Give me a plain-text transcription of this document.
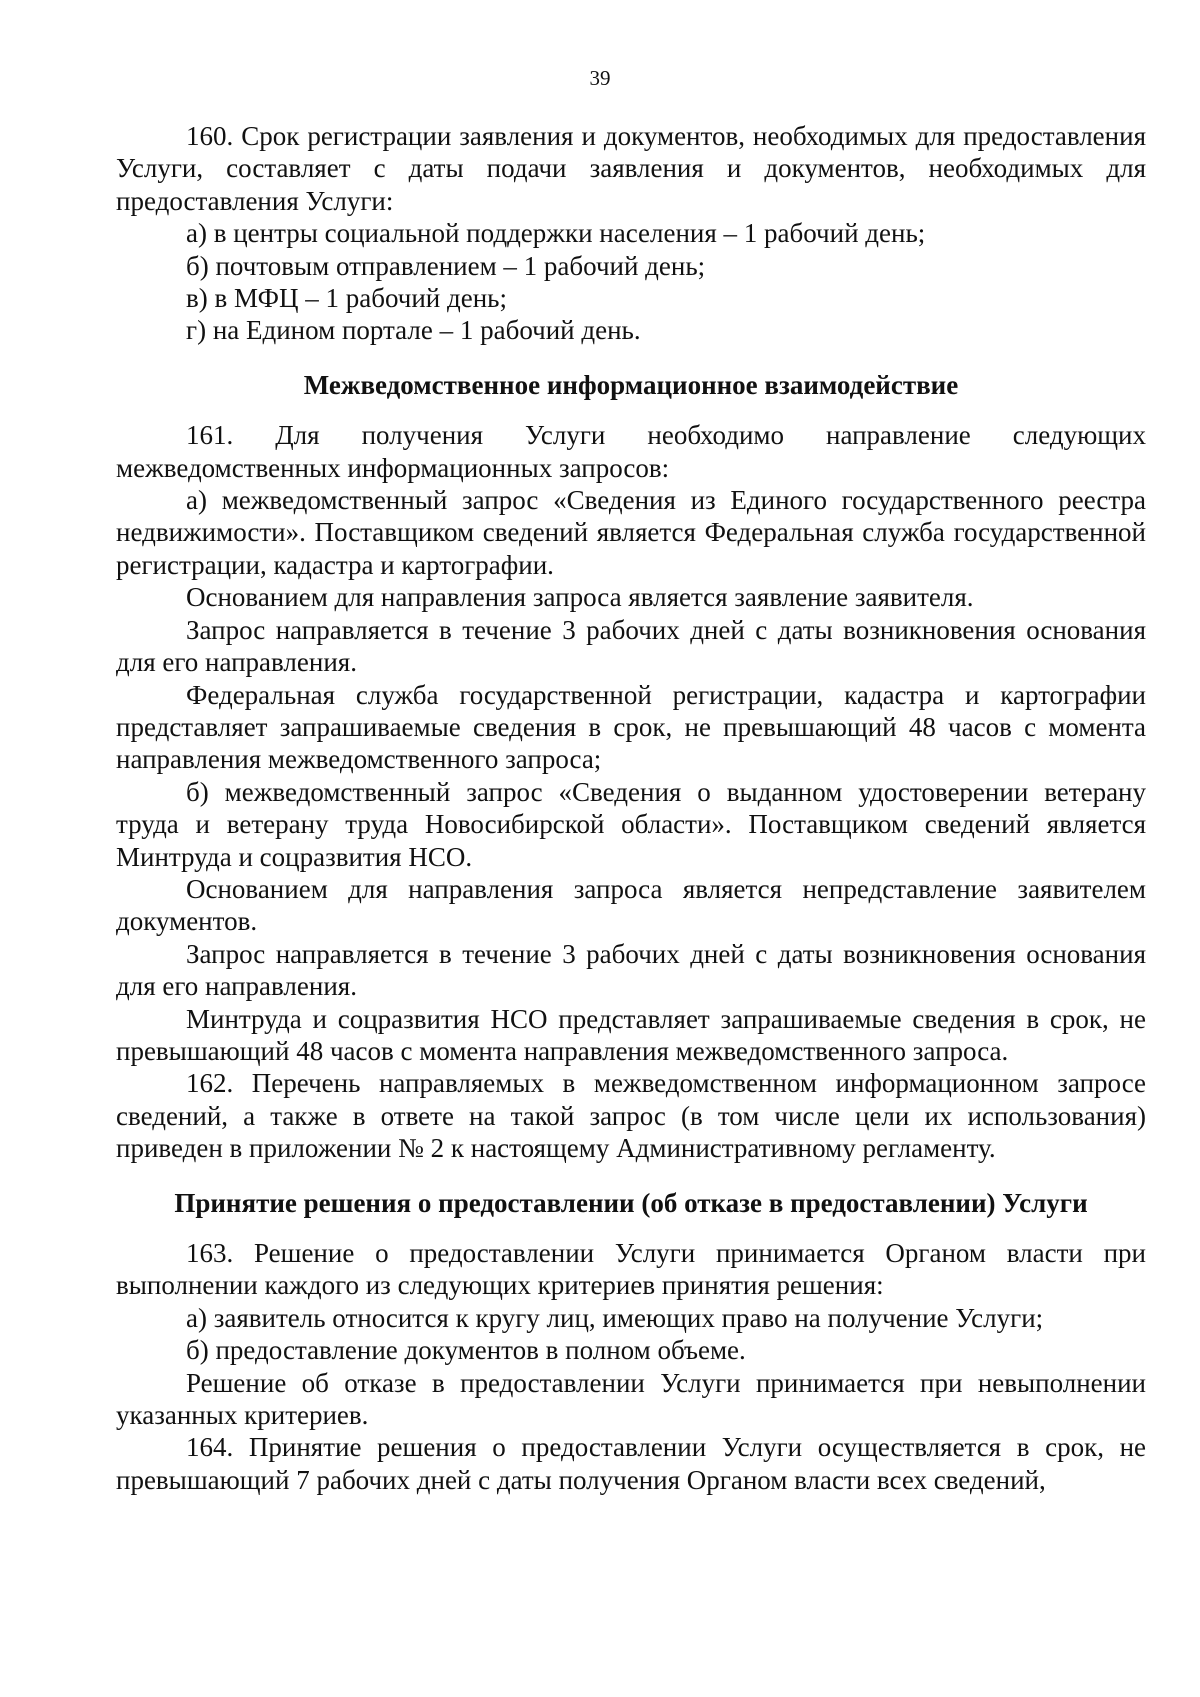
39

160. Срок регистрации заявления и документов, необходимых для предоставления Услуги, составляет с даты подачи заявления и документов, необходимых для предоставления Услуги:

а) в центры социальной поддержки населения – 1 рабочий день;

б) почтовым отправлением – 1 рабочий день;

в) в МФЦ – 1 рабочий день;

г) на Едином портале – 1 рабочий день.

Межведомственное информационное взаимодействие

161. Для получения Услуги необходимо направление следующих межведомственных информационных запросов:

а) межведомственный запрос «Сведения из Единого государственного реестра недвижимости». Поставщиком сведений является Федеральная служба государственной регистрации, кадастра и картографии.

Основанием для направления запроса является заявление заявителя.

Запрос направляется в течение 3 рабочих дней с даты возникновения основания для его направления.

Федеральная служба государственной регистрации, кадастра и картографии представляет запрашиваемые сведения в срок, не превышающий 48 часов с момента направления межведомственного запроса;

б) межведомственный запрос «Сведения о выданном удостоверении ветерану труда и ветерану труда Новосибирской области». Поставщиком сведений является Минтруда и соцразвития НСО.

Основанием для направления запроса является непредставление заявителем документов.

Запрос направляется в течение 3 рабочих дней с даты возникновения основания для его направления.

Минтруда и соцразвития НСО представляет запрашиваемые сведения в срок, не превышающий 48 часов с момента направления межведомственного запроса.

162. Перечень направляемых в межведомственном информационном запросе сведений, а также в ответе на такой запрос (в том числе цели их использования) приведен в приложении № 2 к настоящему Административному регламенту.

Принятие решения о предоставлении (об отказе в предоставлении) Услуги

163. Решение о предоставлении Услуги принимается Органом власти при выполнении каждого из следующих критериев принятия решения:

а) заявитель относится к кругу лиц, имеющих право на получение Услуги;

б) предоставление документов в полном объеме.

Решение об отказе в предоставлении Услуги принимается при невыполнении указанных критериев.

164. Принятие решения о предоставлении Услуги осуществляется в срок, не превышающий 7 рабочих дней с даты получения Органом власти всех сведений,
